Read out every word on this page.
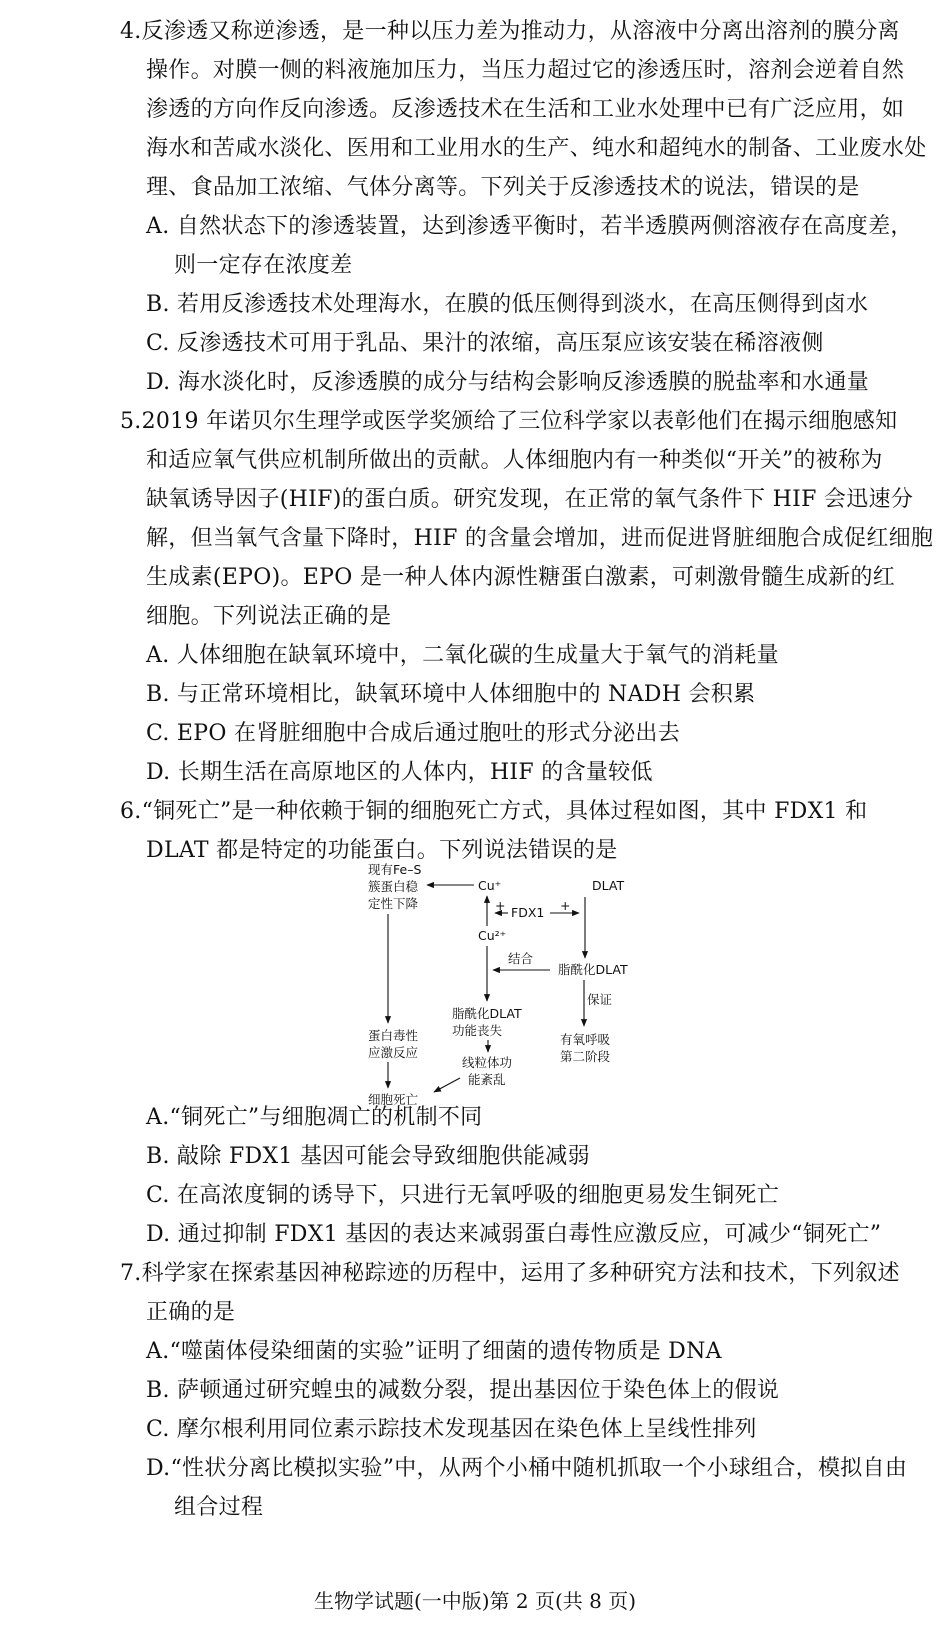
4.反渗透又称逆渗透，是一种以压力差为推动力，从溶液中分离出溶剂的膜分离
操作。对膜一侧的料液施加压力，当压力超过它的渗透压时，溶剂会逆着自然
渗透的方向作反向渗透。反渗透技术在生活和工业水处理中已有广泛应用，如
海水和苦咸水淡化、医用和工业用水的生产、纯水和超纯水的制备、工业废水处
理、食品加工浓缩、气体分离等。下列关于反渗透技术的说法，错误的是
A. 自然状态下的渗透装置，达到渗透平衡时，若半透膜两侧溶液存在高度差，
则一定存在浓度差
B. 若用反渗透技术处理海水，在膜的低压侧得到淡水，在高压侧得到卤水
C. 反渗透技术可用于乳品、果汁的浓缩，高压泵应该安装在稀溶液侧
D. 海水淡化时，反渗透膜的成分与结构会影响反渗透膜的脱盐率和水通量
5.2019 年诺贝尔生理学或医学奖颁给了三位科学家以表彰他们在揭示细胞感知
和适应氧气供应机制所做出的贡献。人体细胞内有一种类似“开关”的被称为
缺氧诱导因子(HIF)的蛋白质。研究发现，在正常的氧气条件下 HIF 会迅速分
解，但当氧气含量下降时，HIF 的含量会增加，进而促进肾脏细胞合成促红细胞
生成素(EPO)。EPO 是一种人体内源性糖蛋白激素，可刺激骨髓生成新的红
细胞。下列说法正确的是
A. 人体细胞在缺氧环境中，二氧化碳的生成量大于氧气的消耗量
B. 与正常环境相比，缺氧环境中人体细胞中的 NADH 会积累
C. EPO 在肾脏细胞中合成后通过胞吐的形式分泌出去
D. 长期生活在高原地区的人体内，HIF 的含量较低
6.“铜死亡”是一种依赖于铜的细胞死亡方式，具体过程如图，其中 FDX1 和
DLAT 都是特定的功能蛋白。下列说法错误的是
现有Fe–S
簇蛋白稳
定性下降
Cu⁺
Cu²⁺
FDX1
+	+
DLAT
结合
脂酰化DLAT
保证
脂酰化DLAT
功能丧失
有氧呼吸
第二阶段
蛋白毒性
应激反应
线粒体功
能紊乱
细胞死亡
A.“铜死亡”与细胞凋亡的机制不同
B. 敲除 FDX1 基因可能会导致细胞供能减弱
C. 在高浓度铜的诱导下，只进行无氧呼吸的细胞更易发生铜死亡
D. 通过抑制 FDX1 基因的表达来减弱蛋白毒性应激反应，可减少“铜死亡”
7.科学家在探索基因神秘踪迹的历程中，运用了多种研究方法和技术，下列叙述
正确的是
A.“噬菌体侵染细菌的实验”证明了细菌的遗传物质是 DNA
B. 萨顿通过研究蝗虫的减数分裂，提出基因位于染色体上的假说
C. 摩尔根利用同位素示踪技术发现基因在染色体上呈线性排列
D.“性状分离比模拟实验”中，从两个小桶中随机抓取一个小球组合，模拟自由
组合过程
生物学试题(一中版)第 2 页(共 8 页)
